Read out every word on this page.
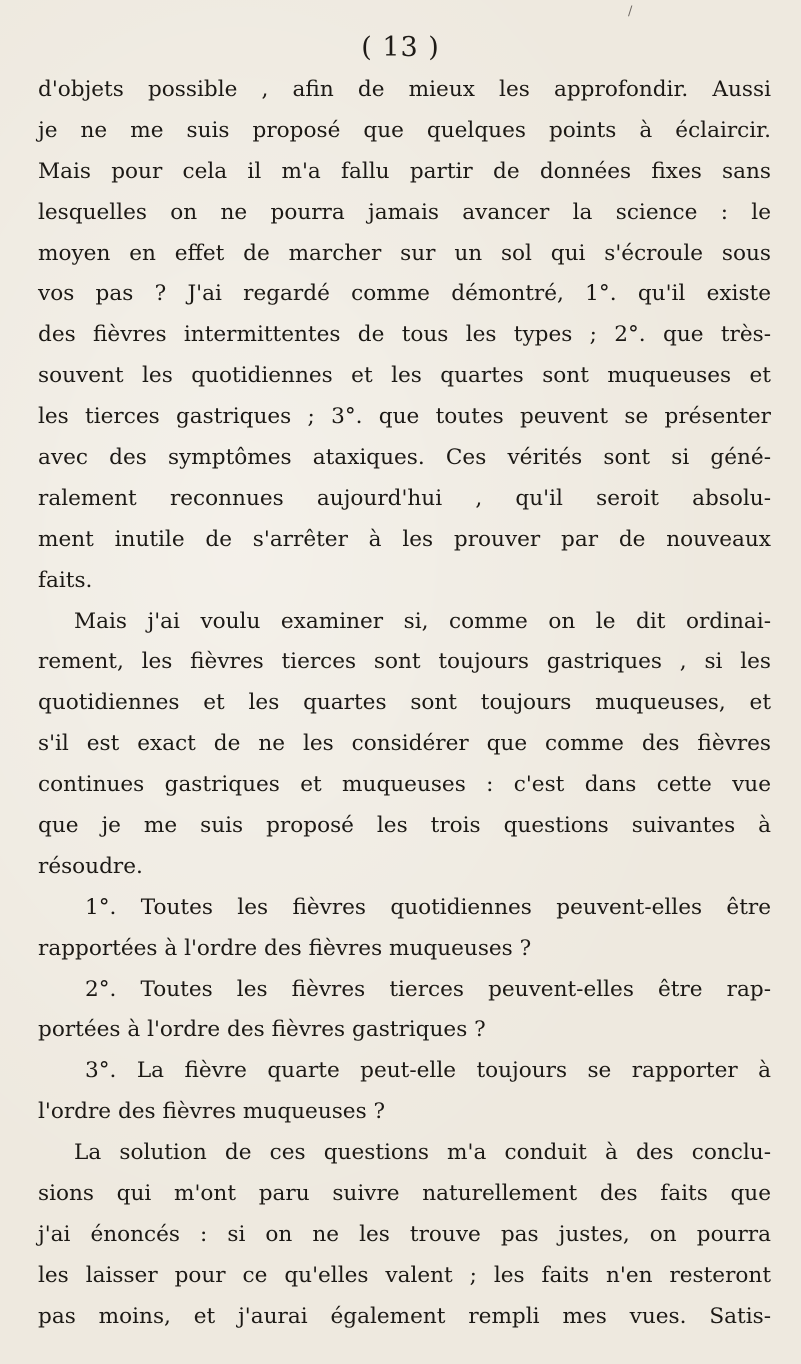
/
( 13 )
d'objets possible , afin de mieux les approfondir. Aussi
je ne me suis proposé que quelques points à éclaircir.
Mais pour cela il m'a fallu partir de données fixes sans
lesquelles on ne pourra jamais avancer la science : le
moyen en effet de marcher sur un sol qui s'écroule sous
vos pas ? J'ai regardé comme démontré, 1°. qu'il existe
des fièvres intermittentes de tous les types ; 2°. que très-
souvent les quotidiennes et les quartes sont muqueuses et
les tierces gastriques ; 3°. que toutes peuvent se présenter
avec des symptômes ataxiques. Ces vérités sont si géné-
ralement reconnues aujourd'hui , qu'il seroit absolu-
ment inutile de s'arrêter à les prouver par de nouveaux
faits.
Mais j'ai voulu examiner si, comme on le dit ordinai-
rement, les fièvres tierces sont toujours gastriques , si les
quotidiennes et les quartes sont toujours muqueuses, et
s'il est exact de ne les considérer que comme des fièvres
continues gastriques et muqueuses : c'est dans cette vue
que je me suis proposé les trois questions suivantes à
résoudre.
1°. Toutes les fièvres quotidiennes peuvent-elles être
rapportées à l'ordre des fièvres muqueuses ?
2°. Toutes les fièvres tierces peuvent-elles être rap-
portées à l'ordre des fièvres gastriques ?
3°. La fièvre quarte peut-elle toujours se rapporter à
l'ordre des fièvres muqueuses ?
La solution de ces questions m'a conduit à des conclu-
sions qui m'ont paru suivre naturellement des faits que
j'ai énoncés : si on ne les trouve pas justes, on pourra
les laisser pour ce qu'elles valent ; les faits n'en resteront
pas moins, et j'aurai également rempli mes vues. Satis-
